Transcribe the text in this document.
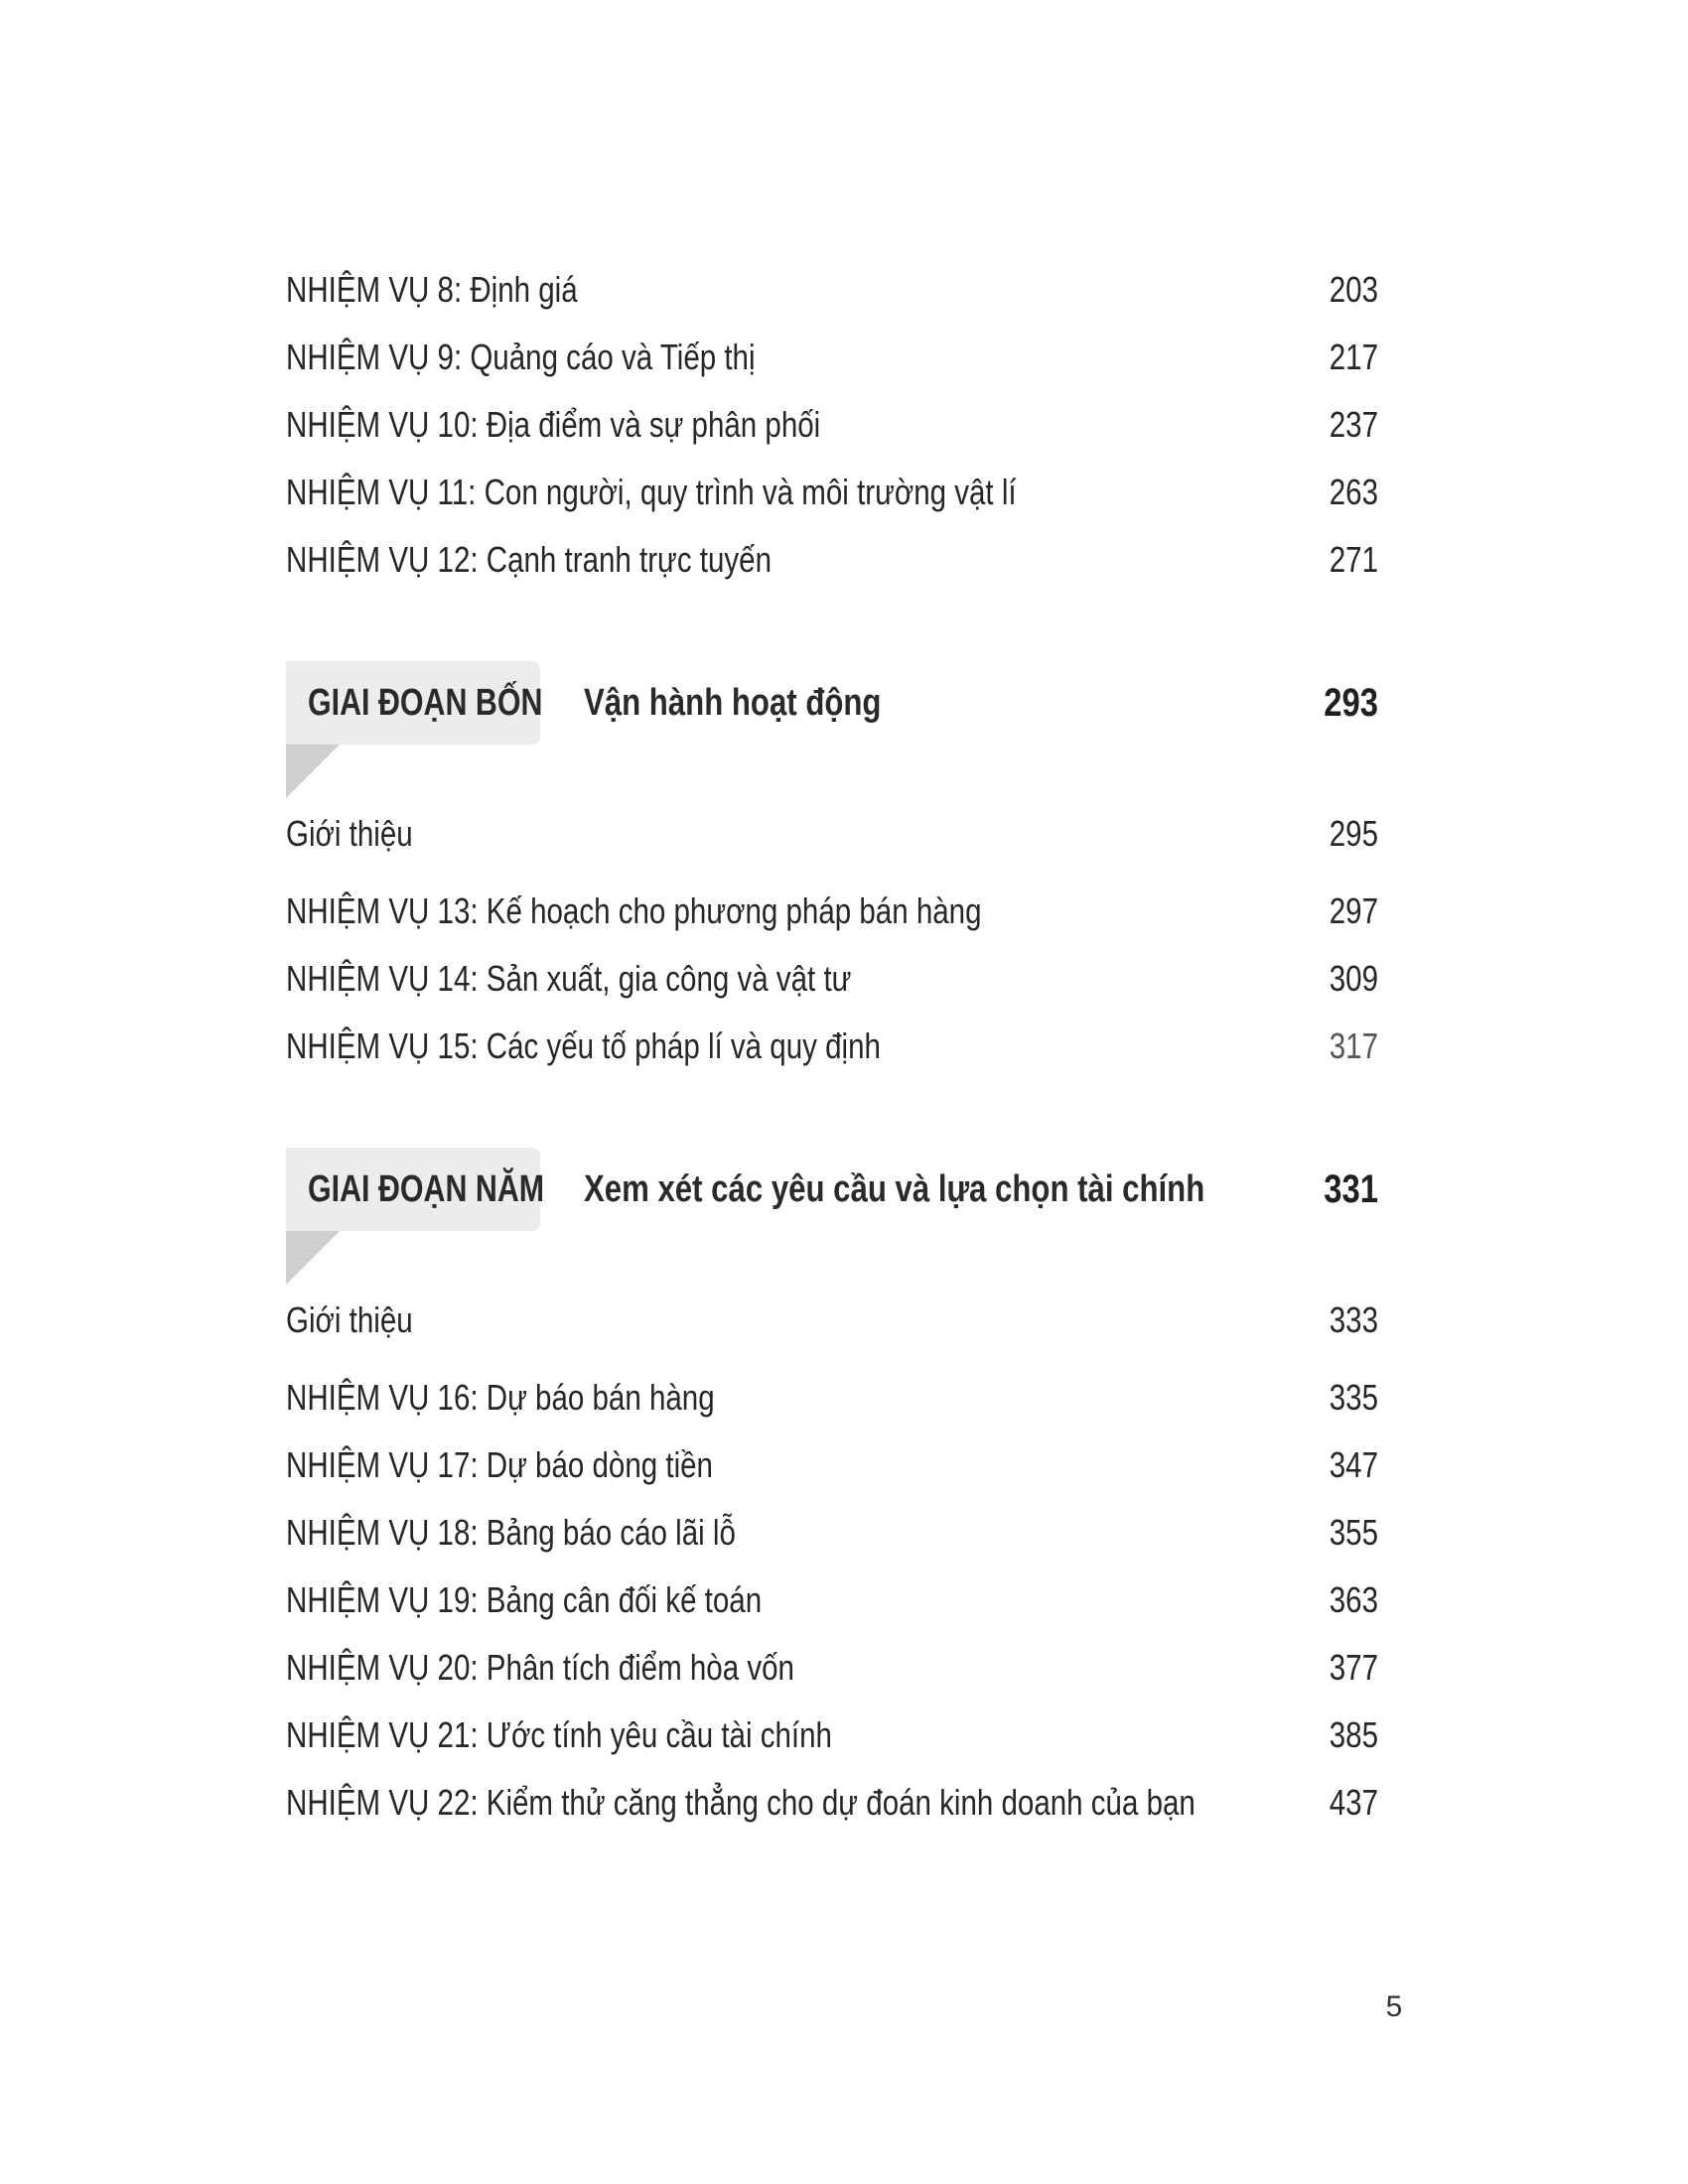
NHIỆM VỤ 8: Định giá	203
NHIỆM VỤ 9: Quảng cáo và Tiếp thị	217
NHIỆM VỤ 10: Địa điểm và sự phân phối	237
NHIỆM VỤ 11: Con người, quy trình và môi trường vật lí	263
NHIỆM VỤ 12: Cạnh tranh trực tuyến	271
GIAI ĐOẠN BỐN Vận hành hoạt động	293
Giới thiệu	295
NHIỆM VỤ 13: Kế hoạch cho phương pháp bán hàng	297
NHIỆM VỤ 14: Sản xuất, gia công và vật tư	309
NHIỆM VỤ 15: Các yếu tố pháp lí và quy định	317
GIAI ĐOẠN NĂM Xem xét các yêu cầu và lựa chọn tài chính	331
Giới thiệu	333
NHIỆM VỤ 16: Dự báo bán hàng	335
NHIỆM VỤ 17: Dự báo dòng tiền	347
NHIỆM VỤ 18: Bảng báo cáo lãi lỗ	355
NHIỆM VỤ 19: Bảng cân đối kế toán	363
NHIỆM VỤ 20: Phân tích điểm hòa vốn	377
NHIỆM VỤ 21: Ước tính yêu cầu tài chính	385
NHIỆM VỤ 22: Kiểm thử căng thẳng cho dự đoán kinh doanh của bạn	437
5
